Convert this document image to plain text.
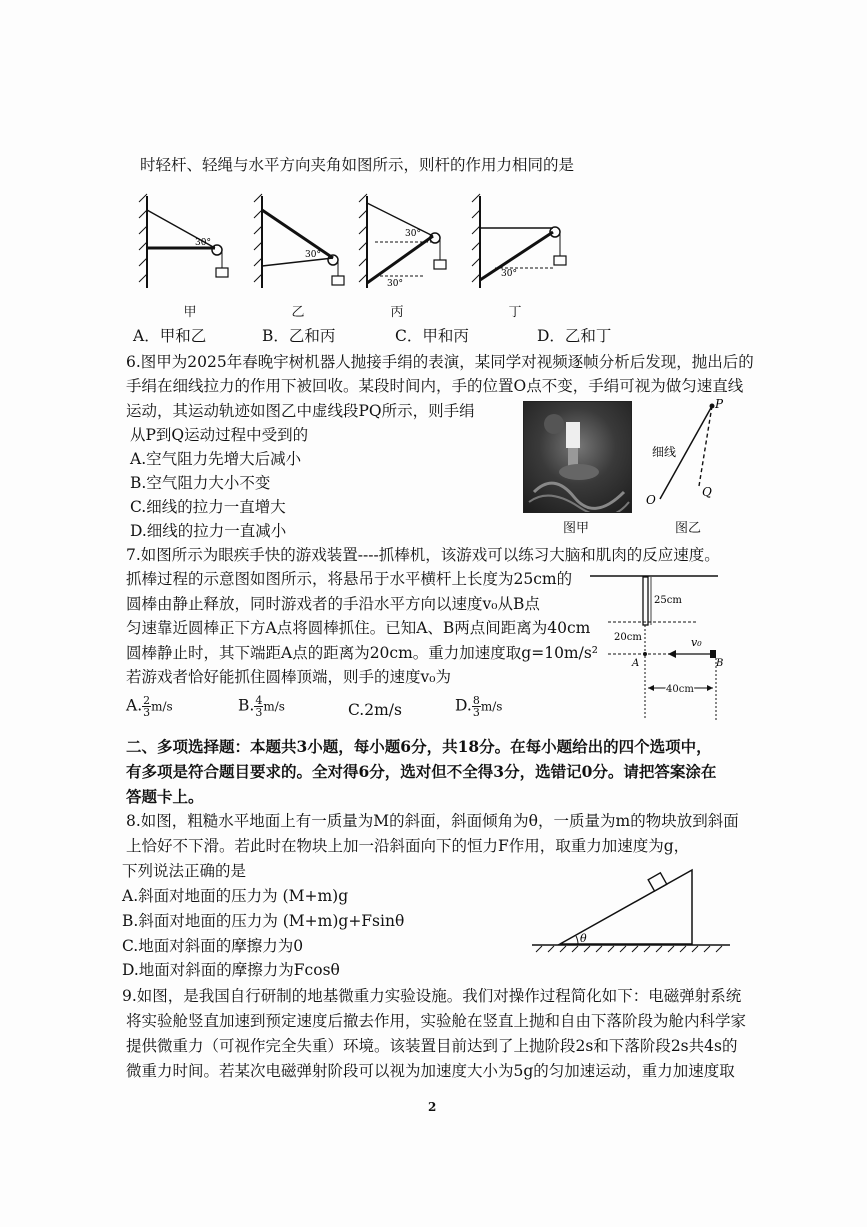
时轻杆、轻绳与水平方向夹角如图所示，则杆的作用力相同的是
30°
30°
30°
30°
30°
甲	乙	丙	丁
A．甲和乙	B．乙和丙	C．甲和丙	D．乙和丁
6.图甲为2025年春晚宇树机器人抛接手绢的表演，某同学对视频逐帧分析后发现，抛出后的
手绢在细线拉力的作用下被回收。某段时间内，手的位置O点不变，手绢可视为做匀速直线
运动，其运动轨迹如图乙中虚线段PQ所示，则手绢
从P到Q运动过程中受到的
A.空气阻力先增大后减小
B.空气阻力大小不变
C.细线的拉力一直增大
D.细线的拉力一直减小	图甲
P
Q
O
细线
图乙
7.如图所示为眼疾手快的游戏装置----抓棒机，该游戏可以练习大脑和肌肉的反应速度。
抓棒过程的示意图如图所示，将悬吊于水平横杆上长度为25cm的
圆棒由静止释放，同时游戏者的手沿水平方向以速度v₀从B点
匀速靠近圆棒正下方A点将圆棒抓住。已知A、B两点间距离为40cm
圆棒静止时，其下端距A点的距离为20cm。重力加速度取g=10m/s²
若游戏者恰好能抓住圆棒顶端，则手的速度v₀为
A. $\frac{2}{3} m/s$	B. $\frac{4}{3} m/s$	C.2m/s	D. $\frac{8}{3} m/s$
25cm
20cm
A
v₀
B
40cm
二、多项选择题：本题共3小题，每小题6分，共18分。在每小题给出的四个选项中，
有多项是符合题目要求的。全对得6分，选对但不全得3分，选错记0分。请把答案涂在
答题卡上。
8.如图，粗糙水平地面上有一质量为M的斜面，斜面倾角为θ，一质量为m的物块放到斜面
上恰好不下滑。若此时在物块上加一沿斜面向下的恒力F作用，取重力加速度为g，
下列说法正确的是
A.斜面对地面的压力为 (M+m)g
B.斜面对地面的压力为 (M+m)g+Fsinθ
C.地面对斜面的摩擦力为0
D.地面对斜面的摩擦力为Fcosθ
θ
9.如图，是我国自行研制的地基微重力实验设施。我们对操作过程简化如下：电磁弹射系统
将实验舱竖直加速到预定速度后撤去作用，实验舱在竖直上抛和自由下落阶段为舱内科学家
提供微重力（可视作完全失重）环境。该装置目前达到了上抛阶段2s和下落阶段2s共4s的
微重力时间。若某次电磁弹射阶段可以视为加速度大小为5g的匀加速运动，重力加速度取
2
